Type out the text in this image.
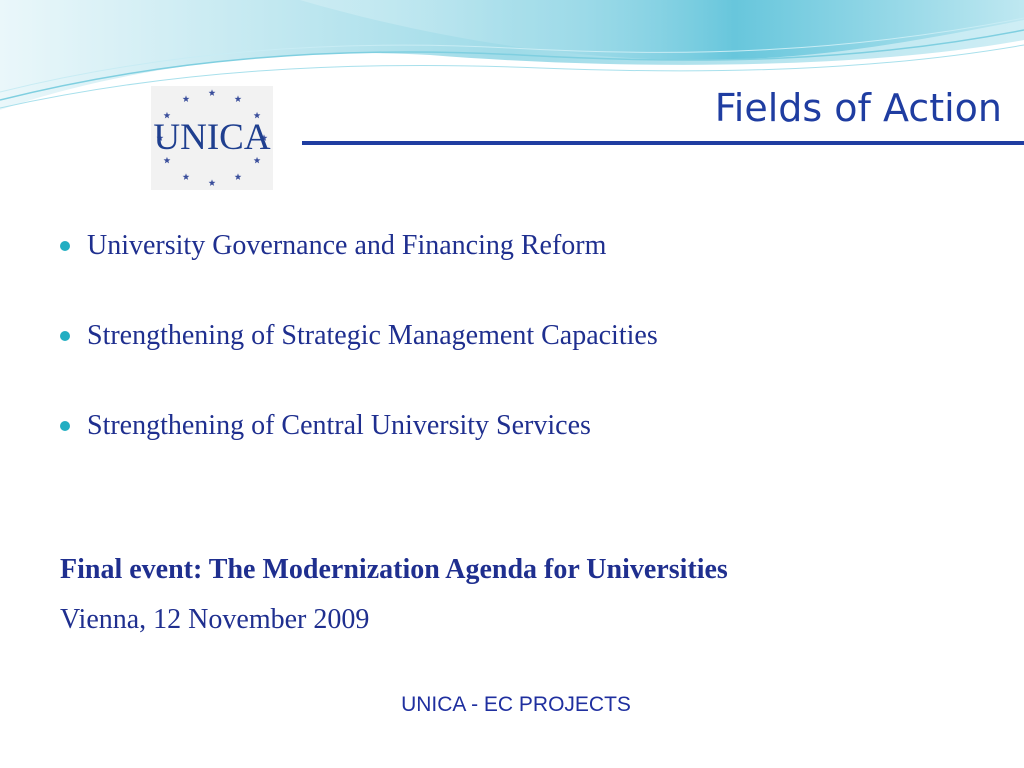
UNICA
Fields of Action
University Governance and Financing Reform
Strengthening of Strategic Management Capacities
Strengthening of Central University Services
Final event: The Modernization Agenda for Universities
Vienna, 12 November 2009
UNICA - EC PROJECTS
